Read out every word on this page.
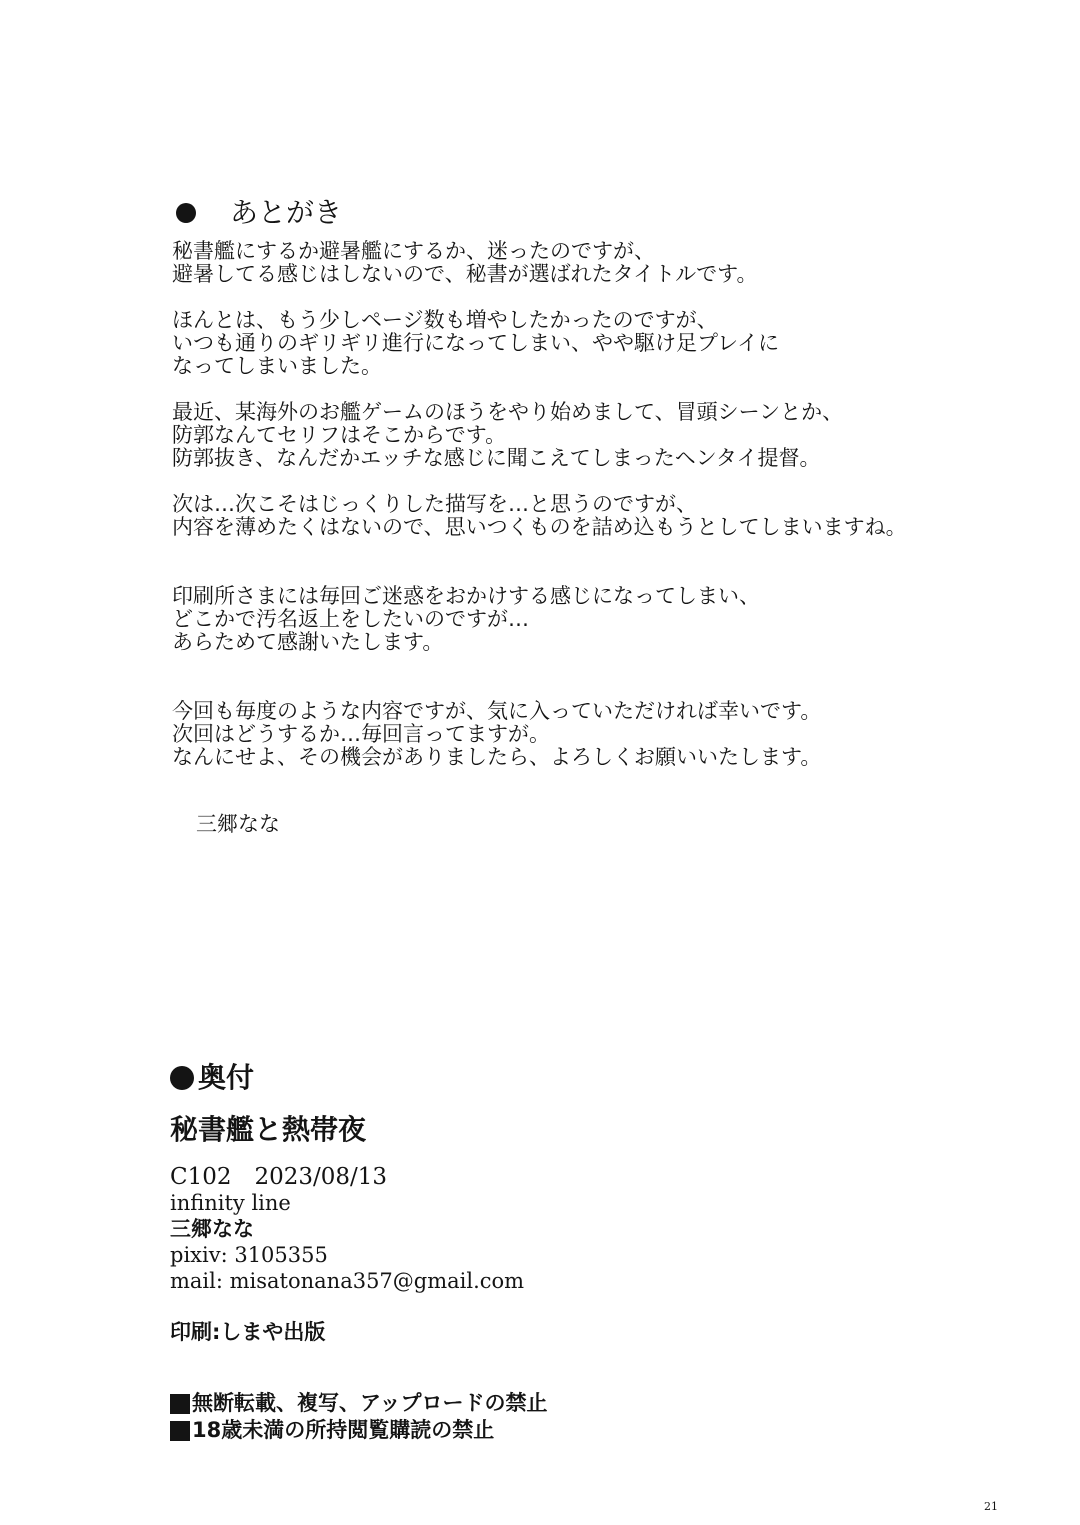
あとがき
秘書艦にするか避暑艦にするか、迷ったのですが、
避暑してる感じはしないので、秘書が選ばれたタイトルです。
ほんとは、もう少しページ数も増やしたかったのですが、
いつも通りのギリギリ進行になってしまい、やや駆け足プレイに
なってしまいました。
最近、某海外のお艦ゲームのほうをやり始めまして、冒頭シーンとか、
防郭なんてセリフはそこからです。
防郭抜き、なんだかエッチな感じに聞こえてしまったヘンタイ提督。
次は…次こそはじっくりした描写を…と思うのですが、
内容を薄めたくはないので、思いつくものを詰め込もうとしてしまいますね。
印刷所さまには毎回ご迷惑をおかけする感じになってしまい、
どこかで汚名返上をしたいのですが…
あらためて感謝いたします。
今回も毎度のような内容ですが、気に入っていただければ幸いです。
次回はどうするか…毎回言ってますが。
なんにせよ、その機会がありましたら、よろしくお願いいたします。
三郷なな
奥付
秘書艦と熱帯夜
C102　2023/08/13
infinity line
三郷なな
pixiv: 3105355
mail: misatonana357@gmail.com
印刷:しまや出版
無断転載、複写、アップロードの禁止
18歳未満の所持閲覧購読の禁止
21
